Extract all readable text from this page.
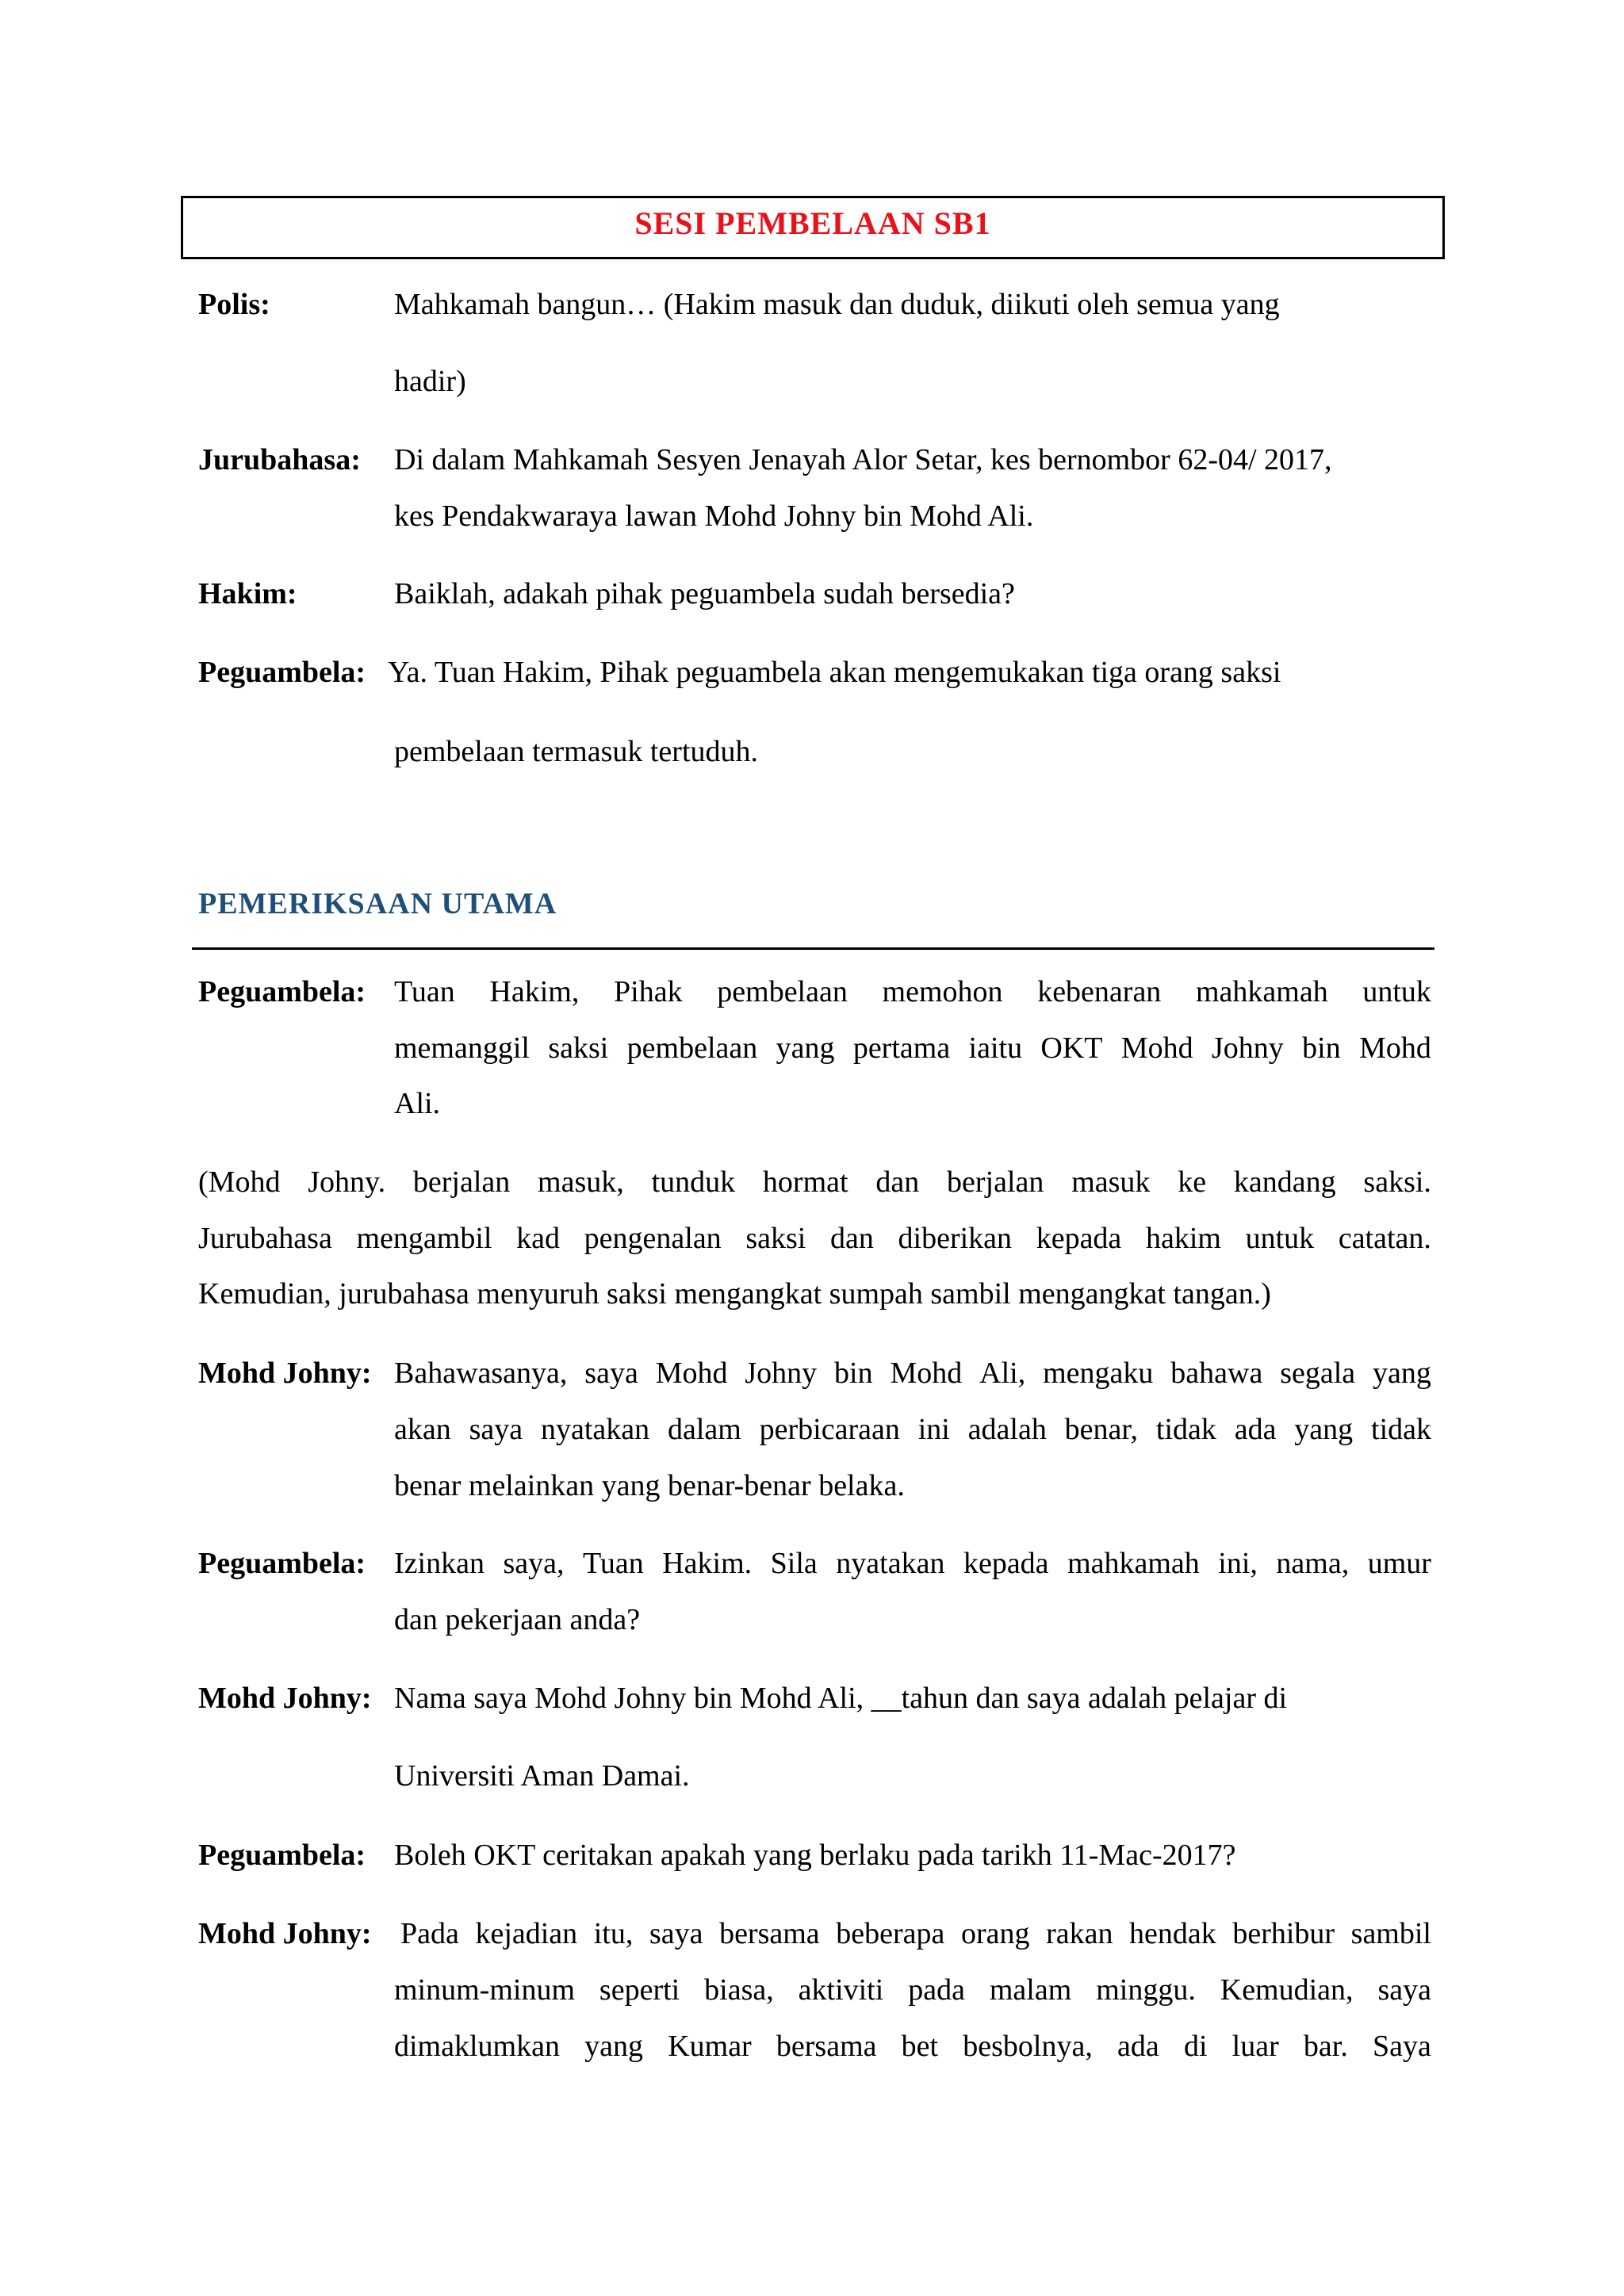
SESI PEMBELAAN SB1
Polis:	Mahkamah bangun… (Hakim masuk dan duduk, diikuti oleh semua yang
hadir)
Jurubahasa: Di dalam Mahkamah Sesyen Jenayah Alor Setar, kes bernombor 62-04/ 2017,
kes Pendakwaraya lawan Mohd Johny bin Mohd Ali.
Hakim:	Baiklah, adakah pihak peguambela sudah bersedia?
Peguambela: Ya. Tuan Hakim, Pihak peguambela akan mengemukakan tiga orang saksi
pembelaan termasuk tertuduh.
PEMERIKSAAN UTAMA
Peguambela: Tuan Hakim, Pihak pembelaan memohon kebenaran mahkamah untuk
memanggil saksi pembelaan yang pertama iaitu OKT Mohd Johny bin Mohd
Ali.
(Mohd Johny. berjalan masuk, tunduk hormat dan berjalan masuk ke kandang saksi.
Jurubahasa mengambil kad pengenalan saksi dan diberikan kepada hakim untuk catatan.
Kemudian, jurubahasa menyuruh saksi mengangkat sumpah sambil mengangkat tangan.)
Mohd Johny: Bahawasanya, saya Mohd Johny bin Mohd Ali, mengaku bahawa segala yang
akan saya nyatakan dalam perbicaraan ini adalah benar, tidak ada yang tidak
benar melainkan yang benar-benar belaka.
Peguambela: Izinkan saya, Tuan Hakim. Sila nyatakan kepada mahkamah ini, nama, umur
dan pekerjaan anda?
Mohd Johny: Nama saya Mohd Johny bin Mohd Ali, __tahun dan saya adalah pelajar di
Universiti Aman Damai.
Peguambela: Boleh OKT ceritakan apakah yang berlaku pada tarikh 11-Mac-2017?
Mohd Johny: Pada kejadian itu, saya bersama beberapa orang rakan hendak berhibur sambil
minum-minum seperti biasa, aktiviti pada malam minggu. Kemudian, saya
dimaklumkan yang Kumar bersama bet besbolnya, ada di luar bar. Saya
